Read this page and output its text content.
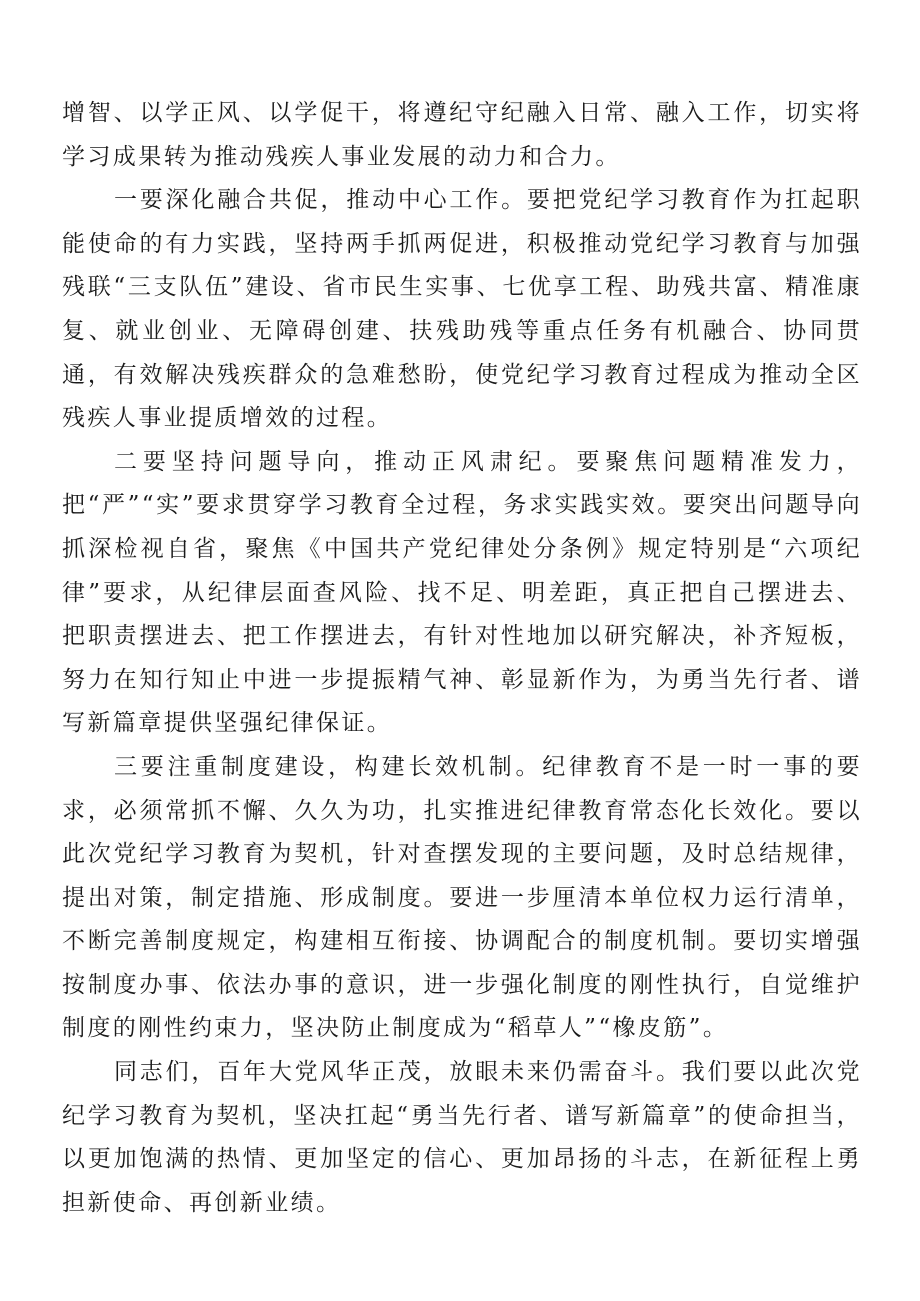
增智、以学正风、以学促干，将遵纪守纪融入日常、融入工作，切实将学习成果转为推动残疾人事业发展的动力和合力。

一要深化融合共促，推动中心工作。要把党纪学习教育作为扛起职能使命的有力实践，坚持两手抓两促进，积极推动党纪学习教育与加强残联“三支队伍”建设、省市民生实事、七优享工程、助残共富、精准康复、就业创业、无障碍创建、扶残助残等重点任务有机融合、协同贯通，有效解决残疾群众的急难愁盼，使党纪学习教育过程成为推动全区残疾人事业提质增效的过程。

二要坚持问题导向，推动正风肃纪。要聚焦问题精准发力，把“严”“实”要求贯穿学习教育全过程，务求实践实效。要突出问题导向抓深检视自省，聚焦《中国共产党纪律处分条例》规定特别是“六项纪律”要求，从纪律层面查风险、找不足、明差距，真正把自己摆进去、把职责摆进去、把工作摆进去，有针对性地加以研究解决，补齐短板，努力在知行知止中进一步提振精气神、彰显新作为，为勇当先行者、谱写新篇章提供坚强纪律保证。

三要注重制度建设，构建长效机制。纪律教育不是一时一事的要求，必须常抓不懈、久久为功，扎实推进纪律教育常态化长效化。要以此次党纪学习教育为契机，针对查摆发现的主要问题，及时总结规律，提出对策，制定措施、形成制度。要进一步厘清本单位权力运行清单，不断完善制度规定，构建相互衔接、协调配合的制度机制。要切实增强按制度办事、依法办事的意识，进一步强化制度的刚性执行，自觉维护制度的刚性约束力，坚决防止制度成为“稻草人”“橡皮筋”。

同志们，百年大党风华正茂，放眼未来仍需奋斗。我们要以此次党纪学习教育为契机，坚决扛起“勇当先行者、谱写新篇章”的使命担当，以更加饱满的热情、更加坚定的信心、更加昂扬的斗志，在新征程上勇担新使命、再创新业绩。
